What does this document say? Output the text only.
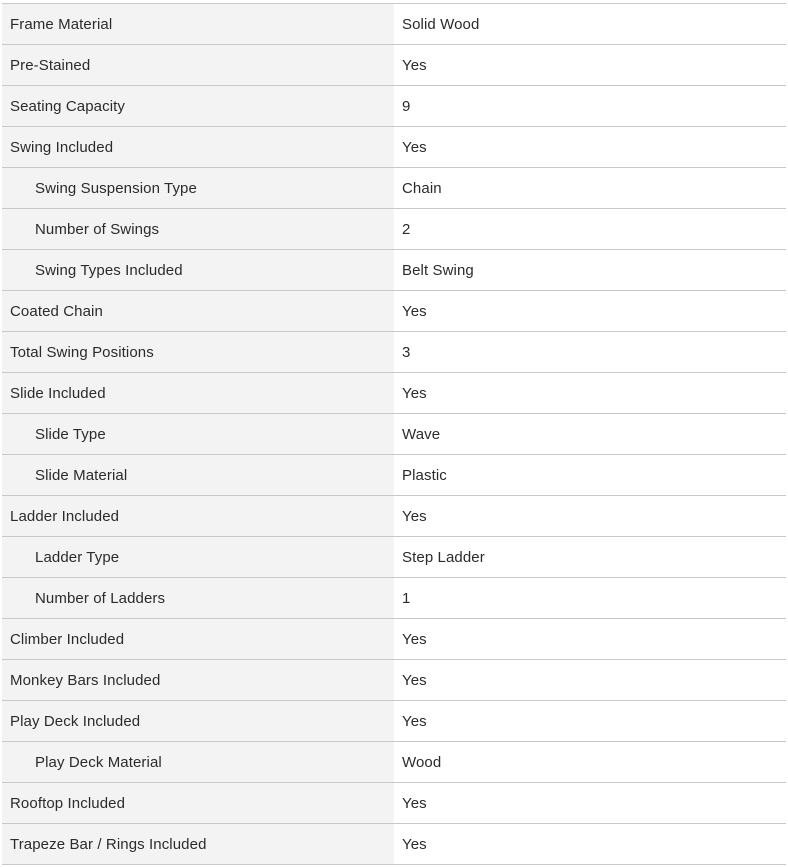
Frame Material	Solid Wood
Pre-Stained	Yes
Seating Capacity	9
Swing Included	Yes
Swing Suspension Type	Chain
Number of Swings	2
Swing Types Included	Belt Swing
Coated Chain	Yes
Total Swing Positions	3
Slide Included	Yes
Slide Type	Wave
Slide Material	Plastic
Ladder Included	Yes
Ladder Type	Step Ladder
Number of Ladders	1
Climber Included	Yes
Monkey Bars Included	Yes
Play Deck Included	Yes
Play Deck Material	Wood
Rooftop Included	Yes
Trapeze Bar / Rings Included	Yes
